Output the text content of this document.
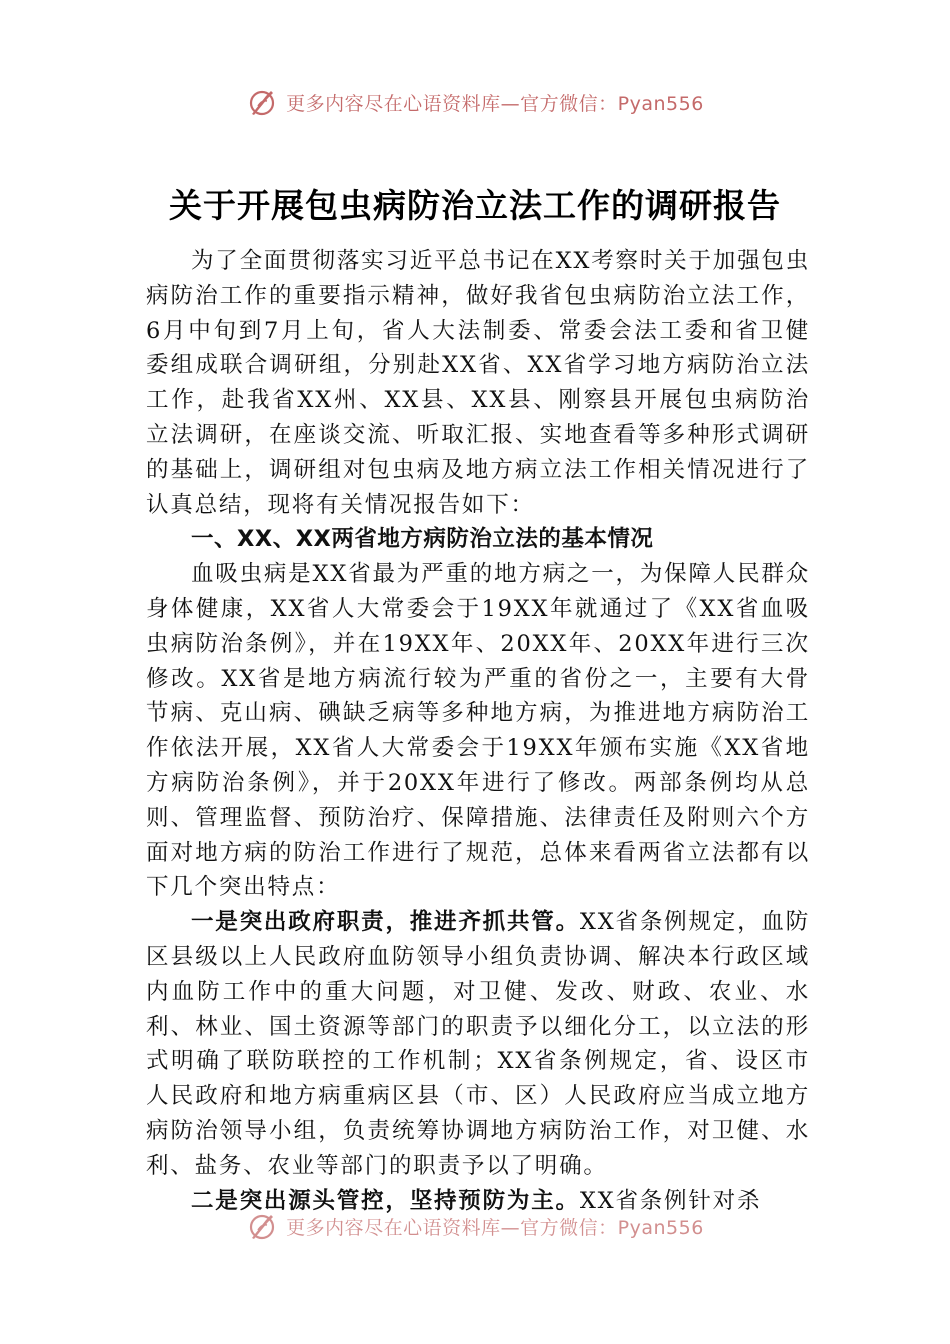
更多内容尽在心语资料库—官方微信：Pyan556
关于开展包虫病防治立法工作的调研报告

为了全面贯彻落实习近平总书记在XX考察时关于加强包虫病防治工作的重要指示精神，做好我省包虫病防治立法工作，6月中旬到7月上旬，省人大法制委、常委会法工委和省卫健委组成联合调研组，分别赴XX省、XX省学习地方病防治立法工作，赴我省XX州、XX县、XX县、刚察县开展包虫病防治立法调研，在座谈交流、听取汇报、实地查看等多种形式调研的基础上，调研组对包虫病及地方病立法工作相关情况进行了认真总结，现将有关情况报告如下：

一、XX、XX两省地方病防治立法的基本情况

血吸虫病是XX省最为严重的地方病之一，为保障人民群众身体健康，XX省人大常委会于19XX年就通过了《XX省血吸虫病防治条例》，并在19XX年、20XX年、20XX年进行三次修改。XX省是地方病流行较为严重的省份之一，主要有大骨节病、克山病、碘缺乏病等多种地方病，为推进地方病防治工作依法开展，XX省人大常委会于19XX年颁布实施《XX省地方病防治条例》，并于20XX年进行了修改。两部条例均从总则、管理监督、预防治疗、保障措施、法律责任及附则六个方面对地方病的防治工作进行了规范，总体来看两省立法都有以下几个突出特点：

一是突出政府职责，推进齐抓共管。XX省条例规定，血防区县级以上人民政府血防领导小组负责协调、解决本行政区域内血防工作中的重大问题，对卫健、发改、财政、农业、水利、林业、国土资源等部门的职责予以细化分工，以立法的形式明确了联防联控的工作机制；XX省条例规定，省、设区市人民政府和地方病重病区县（市、区）人民政府应当成立地方病防治领导小组，负责统筹协调地方病防治工作，对卫健、水利、盐务、农业等部门的职责予以了明确。

二是突出源头管控，坚持预防为主。XX省条例针对杀

更多内容尽在心语资料库—官方微信：Pyan556
